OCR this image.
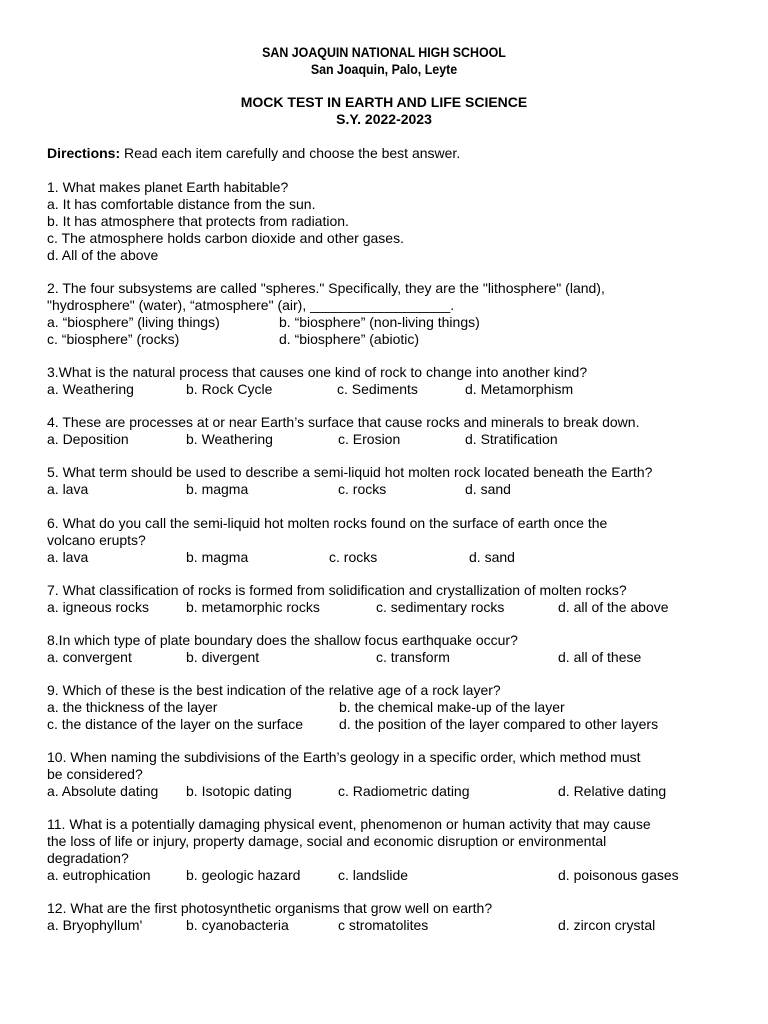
SAN JOAQUIN NATIONAL HIGH SCHOOL
San Joaquin, Palo, Leyte
MOCK TEST IN EARTH AND LIFE SCIENCE
S.Y. 2022-2023
Directions: Read each item carefully and choose the best answer.
1. What makes planet Earth habitable?
a. It has comfortable distance from the sun.
b. It has atmosphere that protects from radiation.
c. The atmosphere holds carbon dioxide and other gases.
d. All of the above
2. The four subsystems are called "spheres." Specifically, they are the "lithosphere" (land),
"hydrosphere" (water), “atmosphere" (air), __________________.
a. “biosphere” (living things)	b. “biosphere” (non-living things)
c. “biosphere” (rocks)	d. “biosphere” (abiotic)
3.What is the natural process that causes one kind of rock to change into another kind?
a. Weathering	b. Rock Cycle	c. Sediments	d. Metamorphism
4. These are processes at or near Earth’s surface that cause rocks and minerals to break down.
a. Deposition	b. Weathering	c. Erosion	d. Stratification
5. What term should be used to describe a semi-liquid hot molten rock located beneath the Earth?
a. lava	b. magma	c. rocks	d. sand
6. What do you call the semi-liquid hot molten rocks found on the surface of earth once the
volcano erupts?
a. lava	b. magma	c. rocks	d. sand
7. What classification of rocks is formed from solidification and crystallization of molten rocks?
a. igneous rocks	b. metamorphic rocks	c. sedimentary rocks	d. all of the above
8.In which type of plate boundary does the shallow focus earthquake occur?
a. convergent	b. divergent	c. transform	d. all of these
9. Which of these is the best indication of the relative age of a rock layer?
a. the thickness of the layer	b. the chemical make-up of the layer
c. the distance of the layer on the surface	d. the position of the layer compared to other layers
10. When naming the subdivisions of the Earth’s geology in a specific order, which method must
be considered?
a. Absolute dating b. Isotopic dating	c. Radiometric dating	d. Relative dating
11. What is a potentially damaging physical event, phenomenon or human activity that may cause
the loss of life or injury, property damage, social and economic disruption or environmental
degradation?
a. eutrophication	b. geologic hazard	c. landslide	d. poisonous gases
12. What are the first photosynthetic organisms that grow well on earth?
a. Bryophyllum'	b. cyanobacteria	c stromatolites	d. zircon crystal
